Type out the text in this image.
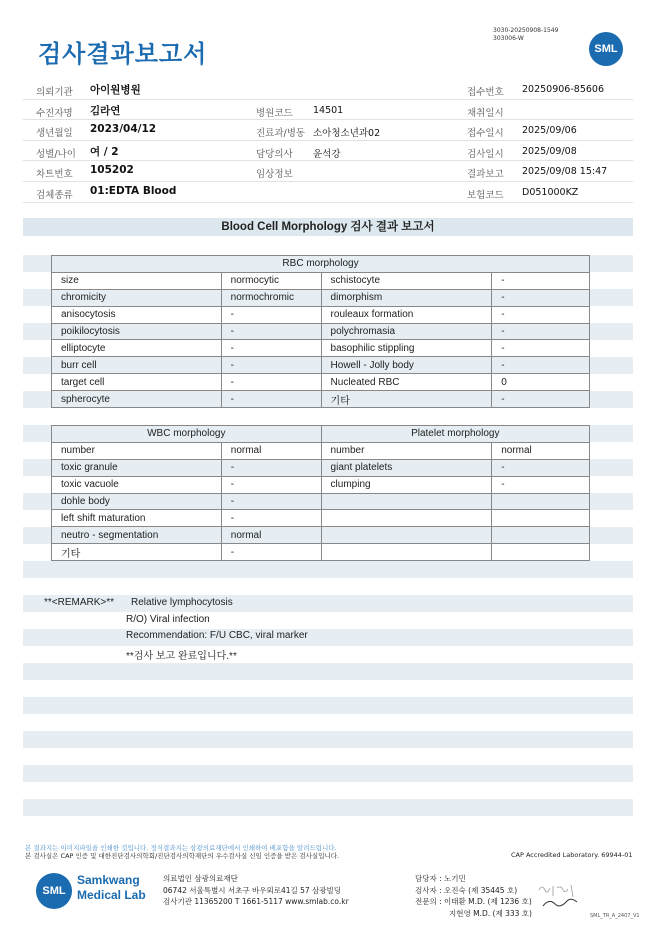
검사결과보고서
3030-20250908-1549
303006-W
SML
의뢰기관 아이원병원	접수번호 20250906-85606
수진자명 김라연	병원코드 14501	채취일시
생년월일 2023/04/12	진료과/병동 소아청소년과02	접수일시 2025/09/06
성별/나이 여 / 2	담당의사 윤석강	검사일시 2025/09/08
차트번호 105202	임상정보	결과보고 2025/09/08 15:47
검체종류 01:EDTA Blood	보험코드 D051000KZ
Blood Cell Morphology 검사 결과 보고서
RBC morphology			
size	normocytic	schistocyte	-
chromicity	normochromic	dimorphism	-
anisocytosis	-	rouleaux formation	-
poikilocytosis	-	polychromasia	-
elliptocyte	-	basophilic stippling	-
burr cell	-	Howell - Jolly body	-
target cell	-	Nucleated RBC	0
spherocyte	-	기타	-
WBC morphology		Platelet morphology	
number	normal	number	normal
toxic granule	-	giant platelets	-
toxic vacuole	-	clumping	-
dohle body	-		
left shift maturation	-		
neutro - segmentation	normal		
기타	-		
**<REMARK>** Relative lymphocytosis
R/O) Viral infection
Recommendation: F/U CBC, viral marker
**검사 보고 완료입니다.**
본 결과지는 이미지파일을 인쇄한 것입니다. 정식결과지는 삼광의료재단에서 인쇄하여 배포함을 알려드립니다.
본 검사실은 CAP 인증 및 대한진단검사의학회/진단검사의학재단의 우수검사실 신임 인증을 받은 검사실입니다.	CAP Accredited Laboratory. 69944-01
SML
Samkwang
Medical Lab
의료법인 삼광의료재단
06742 서울특별시 서초구 바우뫼로41길 57 삼광빌딩
검사기관 11365200 T 1661-5117 www.smlab.co.kr
담당자 : 노기민
검사자 : 오진숙 (제 35445 호)
전문의 : 이태환 M.D. (제 1236 호)
지현영 M.D. (제 333 호)	SML_TR_A_2407_V1
